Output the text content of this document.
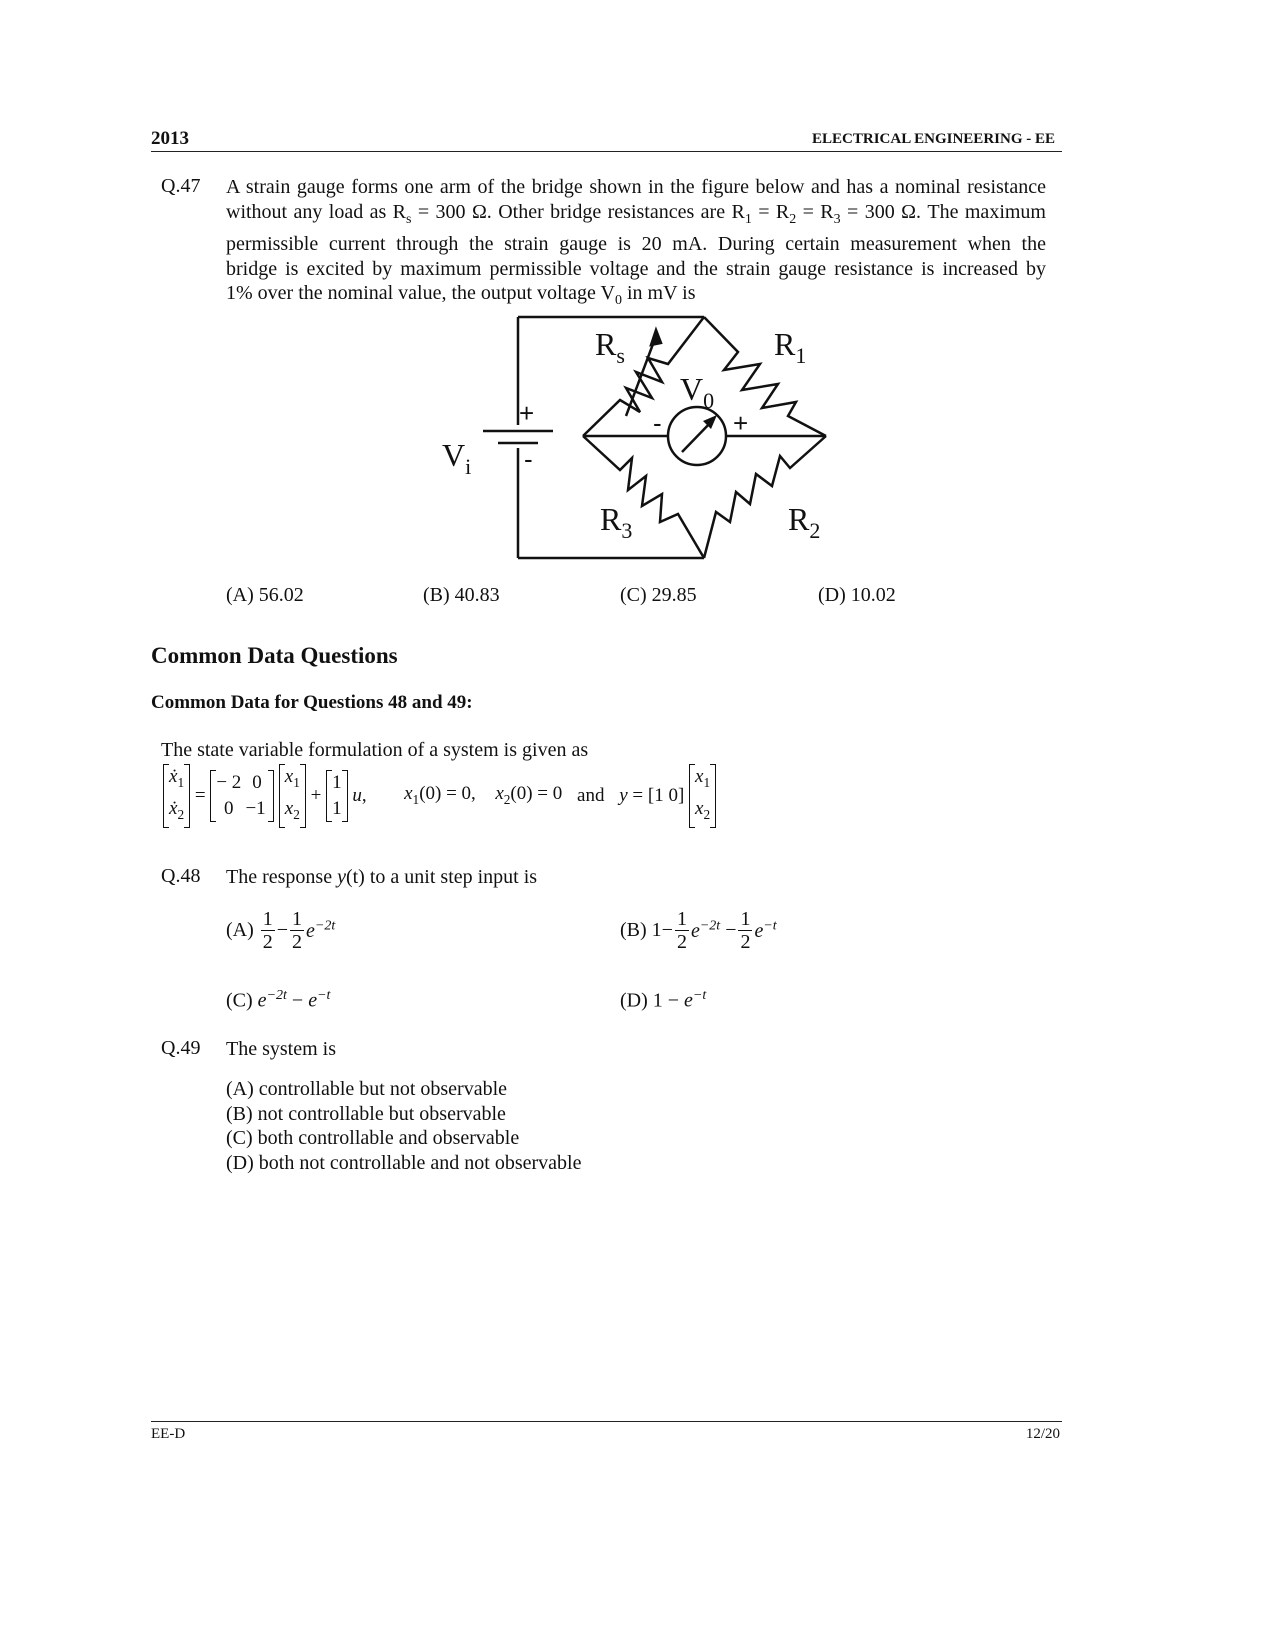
2013	ELECTRICAL ENGINEERING - EE
Q.47 A strain gauge forms one arm of the bridge shown in the figure below and has a nominal resistance
without any load as $R_s = 300$ Ω. Other bridge resistances are $R_1 = R_2 = R_3 = 300$ Ω. The maximum
permissible current through the strain gauge is 20 mA. During certain measurement when the
bridge is excited by maximum permissible voltage and the strain gauge resistance is increased by
1% over the nominal value, the output voltage $V_0$ in mV is
$R_s$	$R_1$
$R_3$	$R_2$
$V_0$
$V_i$
+
-
-	+
(A) 56.02	(B) 40.83	(C) 29.85	(D) 10.02
Common Data Questions
Common Data for Questions 48 and 49:
The state variable formulation of a system is given as
ẋ$_1$
ẋ$_2$
=
− 2 0
0 −1

$x_1$
$x_2$
+
1
1
u, $x_1(0) = 0$, $x_2(0) = 0$ and y = [1 0]
$x_1$
$x_2$
Q.48 The response y(t) to a unit step input is
$(A) \frac{1}{2} - \frac{1}{2} e^{-2t}$	(B) $1- \frac{1}{2} e^{-2t} - \frac{1}{2} e^{-t}$
(C) $e^{-2t} - e^{-t}$	(D) $1 - e^{-t}$
Q.49 The system is
(A) controllable but not observable
(B) not controllable but observable
(C) both controllable and observable
(D) both not controllable and not observable
EE-D	12/20
